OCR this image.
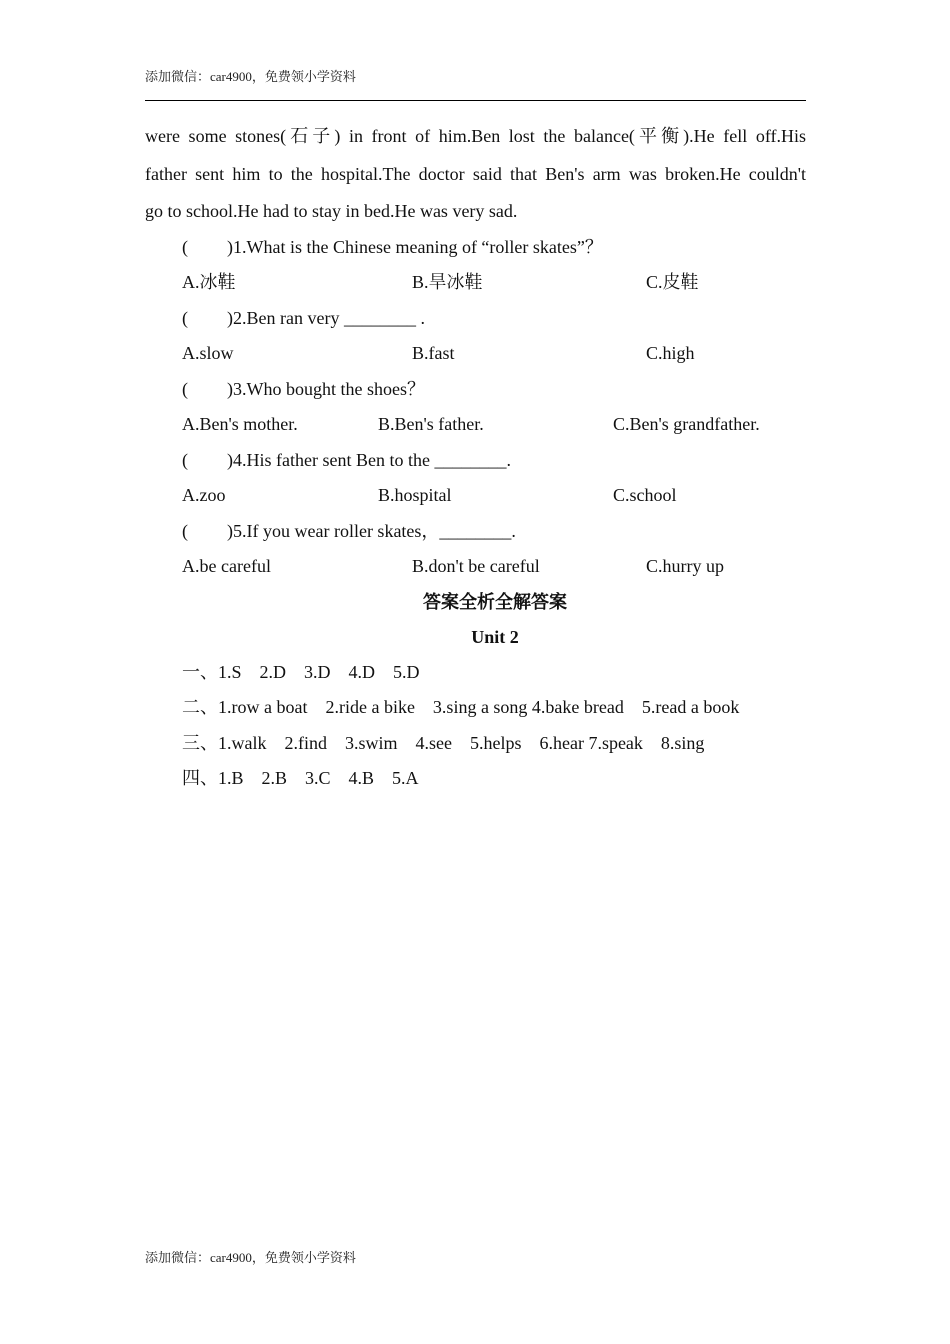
添加微信：car4900，免费领小学资料
were some stones(石子) in front of him.Ben lost the balance(平衡).He fell off.His
father sent him to the hospital.The doctor said that Ben's arm was broken.He couldn't
go to school.He had to stay in bed.He was very sad.
( )1.What is the Chinese meaning of “roller skates”？
A.冰鞋	B.旱冰鞋	C.皮鞋
( )2.Ben ran very ________ .
A.slow	B.fast	C.high
( )3.Who bought the shoes？
A.Ben's mother.	B.Ben's father.	C.Ben's grandfather.
( )4.His father sent Ben to the ________.
A.zoo	B.hospital	C.school
( )5.If you wear roller skates，________.
A.be careful	B.don't be careful	C.hurry up
答案全析全解答案
Unit 2
一、1.S　2.D　3.D　4.D　5.D
二、1.row a boat　2.ride a bike　3.sing a song 4.bake bread　5.read a book
三、1.walk　2.find　3.swim　4.see　5.helps　6.hear 7.speak　8.sing
四、1.B　2.B　3.C　4.B　5.A
添加微信：car4900，免费领小学资料
